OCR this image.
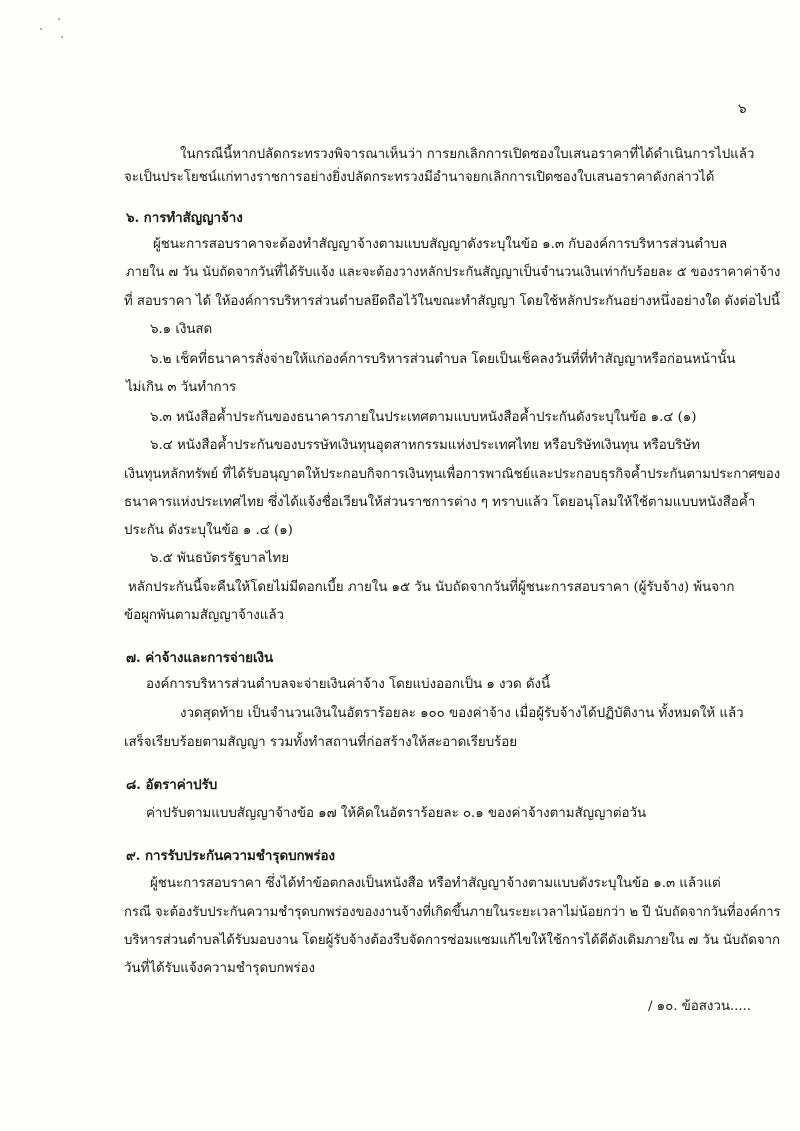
๖
ในกรณีนี้หากปลัดกระทรวงพิจารณาเห็นว่า การยกเลิกการเปิดซองใบเสนอราคาที่ได้ดำเนินการไปแล้ว
จะเป็นประโยชน์แก่ทางราชการอย่างยิ่งปลัดกระทรวงมีอำนาจยกเลิกการเปิดซองใบเสนอราคาดังกล่าวได้
๖. การทำสัญญาจ้าง
ผู้ชนะการสอบราคาจะต้องทำสัญญาจ้างตามแบบสัญญาดังระบุในข้อ ๑.๓ กับองค์การบริหารส่วนตำบล
ภายใน ๗ วัน นับถัดจากวันที่ได้รับแจ้ง และจะต้องวางหลักประกันสัญญาเป็นจำนวนเงินเท่ากับร้อยละ ๕ ของราคาค่าจ้าง
ที่ สอบราคา ได้ ให้องค์การบริหารส่วนตำบลยึดถือไว้ในขณะทำสัญญา โดยใช้หลักประกันอย่างหนึ่งอย่างใด ดังต่อไปนี้
๖.๑ เงินสด
๖.๒ เช็คที่ธนาคารสั่งจ่ายให้แก่องค์การบริหารส่วนตำบล โดยเป็นเช็คลงวันที่ที่ทำสัญญาหรือก่อนหน้านั้น
ไม่เกิน ๓ วันทำการ
๖.๓ หนังสือค้ำประกันของธนาคารภายในประเทศตามแบบหนังสือค้ำประกันดังระบุในข้อ ๑.๔ (๑)
๖.๔ หนังสือค้ำประกันของบรรษัทเงินทุนอุตสาหกรรมแห่งประเทศไทย หรือบริษัทเงินทุน หรือบริษัท
เงินทุนหลักทรัพย์ ที่ได้รับอนุญาตให้ประกอบกิจการเงินทุนเพื่อการพาณิชย์และประกอบธุรกิจค้ำประกันตามประกาศของ
ธนาคารแห่งประเทศไทย ซึ่งได้แจ้งชื่อเวียนให้ส่วนราชการต่าง ๆ ทราบแล้ว โดยอนุโลมให้ใช้ตามแบบหนังสือค้ำ
ประกัน ดังระบุในข้อ ๑ .๔ (๑)
๖.๕ พันธบัตรรัฐบาลไทย
หลักประกันนี้จะคืนให้โดยไม่มีดอกเบี้ย ภายใน ๑๕ วัน นับถัดจากวันที่ผู้ชนะการสอบราคา (ผู้รับจ้าง) พ้นจาก
ข้อผูกพันตามสัญญาจ้างแล้ว
๗. ค่าจ้างและการจ่ายเงิน
องค์การบริหารส่วนตำบลจะจ่ายเงินค่าจ้าง โดยแบ่งออกเป็น ๑ งวด ดังนี้
งวดสุดท้าย เป็นจำนวนเงินในอัตราร้อยละ ๑๐๐ ของค่าจ้าง เมื่อผู้รับจ้างได้ปฏิบัติงาน ทั้งหมดให้ แล้ว
เสร็จเรียบร้อยตามสัญญา รวมทั้งทำสถานที่ก่อสร้างให้สะอาดเรียบร้อย
๘. อัตราค่าปรับ
ค่าปรับตามแบบสัญญาจ้างข้อ ๑๗ ให้คิดในอัตราร้อยละ ๐.๑ ของค่าจ้างตามสัญญาต่อวัน
๙. การรับประกันความชำรุดบกพร่อง
ผู้ชนะการสอบราคา ซึ่งได้ทำข้อตกลงเป็นหนังสือ หรือทำสัญญาจ้างตามแบบดังระบุในข้อ ๑.๓ แล้วแต่
กรณี จะต้องรับประกันความชำรุดบกพร่องของงานจ้างที่เกิดขึ้นภายในระยะเวลาไม่น้อยกว่า ๒ ปี นับถัดจากวันที่องค์การ
บริหารส่วนตำบลได้รับมอบงาน โดยผู้รับจ้างต้องรีบจัดการซ่อมแซมแก้ไขให้ใช้การได้ดีดังเดิมภายใน ๗ วัน นับถัดจาก
วันที่ได้รับแจ้งความชำรุดบกพร่อง
/ ๑๐. ข้อสงวน.....
